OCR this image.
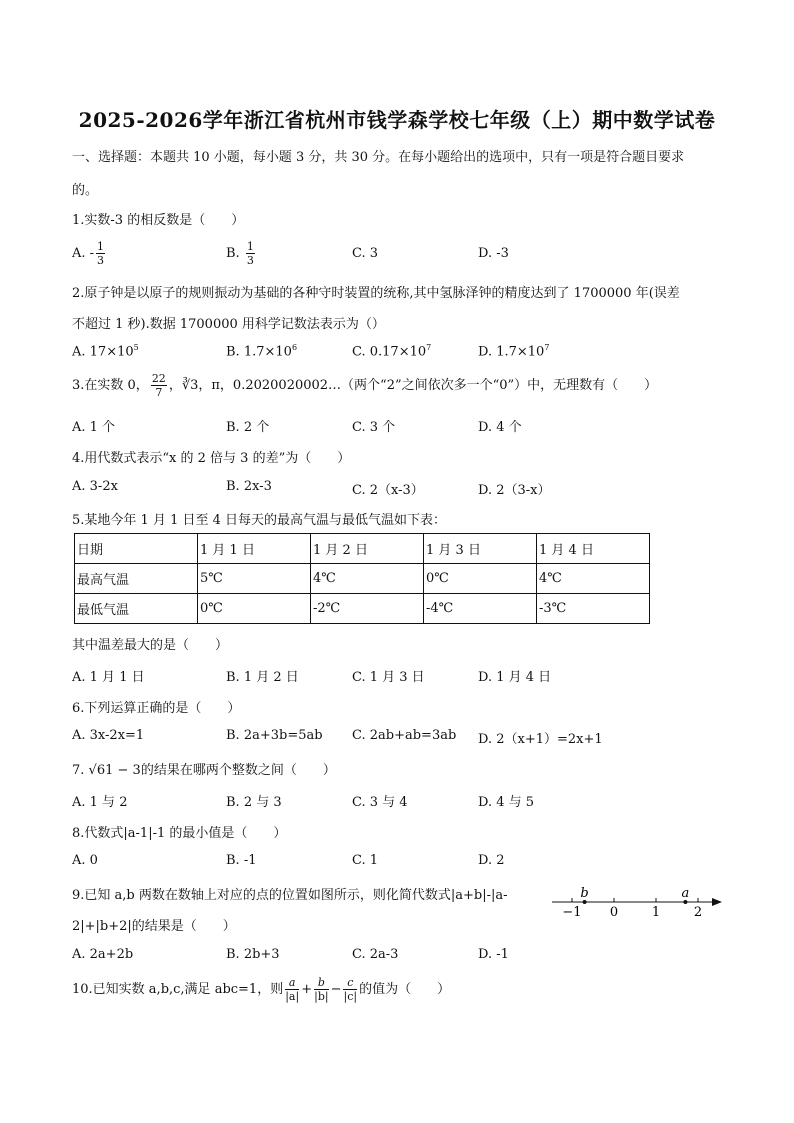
2025-2026学年浙江省杭州市钱学森学校七年级（上）期中数学试卷
一、选择题：本题共 10 小题，每小题 3 分，共 30 分。在每小题给出的选项中，只有一项是符合题目要求
的。
1.实数-3 的相反数是（　　）
A. - $\frac{1}{3}$	B. $\frac{1}{3}$	C. 3	D. -3
2.原子钟是以原子的规则振动为基础的各种守时装置的统称,其中氢脉泽钟的精度达到了 1700000 年(误差
不超过 1 秒).数据 1700000 用科学记数法表示为（）
A. $17\times 10^5$	B. $1.7\times 10^6$	C. $0.17\times 10^7$	D. $1.7\times 10^7$
3.在实数 0， $\frac{22}{7}$ ，∛3，π，0.2020020002…（两个“2”之间依次多一个“0”）中，无理数有（　　）
A. 1 个	B. 2 个	C. 3 个	D. 4 个
4.用代数式表示“x 的 2 倍与 3 的差”为（　　）
A. 3-2x	B. 2x-3	C. 2（x-3）	D. 2（3-x）
5.某地今年 1 月 1 日至 4 日每天的最高气温与最低气温如下表：
日期	1 月 1 日	1 月 2 日	1 月 3 日	1 月 4 日
最高气温	5℃	4℃	0℃	4℃
最低气温	0℃	-2℃	-4℃	-3℃
其中温差最大的是（　　）
A. 1 月 1 日	B. 1 月 2 日	C. 1 月 3 日	D. 1 月 4 日
6.下列运算正确的是（　　）
A. 3x-2x=1	B. 2a+3b=5ab C. 2ab+ab=3ab D. 2（x+1）=2x+1
7. √61 − 3的结果在哪两个整数之间（　　）
A. 1 与 2	B. 2 与 3	C. 3 与 4	D. 4 与 5
8.代数式|a-1|-1 的最小值是（　　）
A. 0	B. -1	C. 1	D. 2
9.已知 a,b 两数在数轴上对应的点的位置如图所示，则化简代数式|a+b|-|a-
2|+|b+2|的结果是（　　）
−1 0	1	2
b	a
A. 2a+2b	B. 2b+3	C. 2a-3	D. -1
10.已知实数 a,b,c,满足 abc=1，则 $\frac{a}{|a|} + \frac{b}{|b|} - \frac{c}{|c|}$ 的值为（　　）
